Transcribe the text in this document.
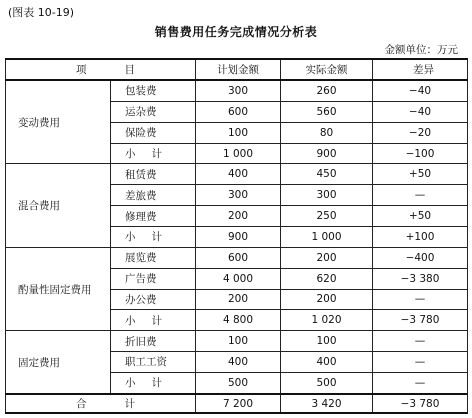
(图表 10-19)
销售费用任务完成情况分析表
金额单位：万元
项 目		计划金额	实际金额	差 异

变动费用	包装费	300	260	−40
	运杂费	600	560	−40
	保险费	100	80	−20
	小计	1 000	900	−100
混合费用	租赁费	400	450	+50
	差旅费	300	300	—
	修理费	200	250	+50
	小计	900	1 000	+100
酌量性固定费用	展览费	600	200	−400
	广告费	4 000	620	−3 380
	办公费	200	200	—
	小计	4 800	1 020	−3 780
固定费用	折旧费	100	100	—
	职工工资	400	400	—
	小计	500	500	—

合 计		7 200	3 420	−3 780
